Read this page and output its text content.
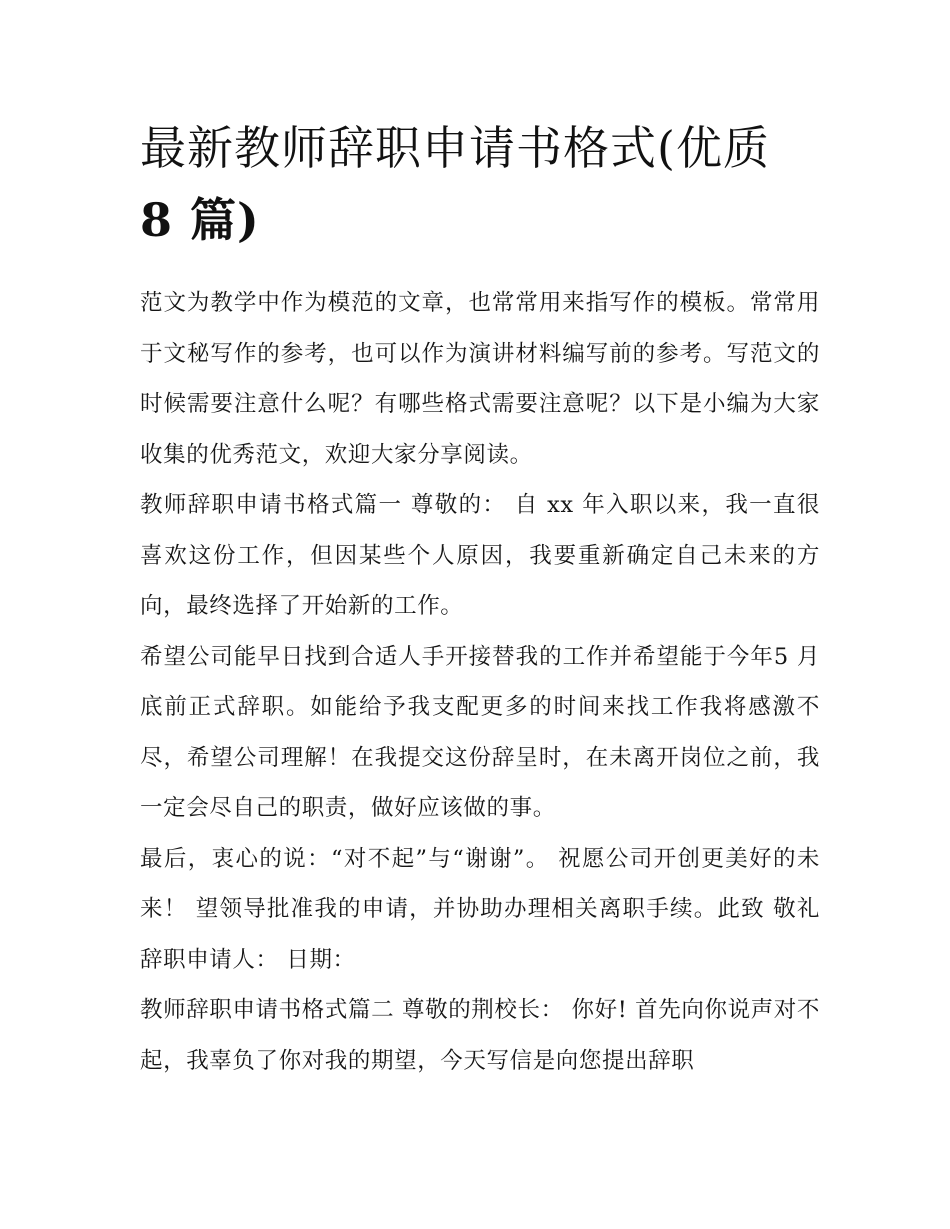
最新教师辞职申请书格式(优质
8 篇)

范文为教学中作为模范的文章，也常常用来指写作的模板。常常用于文秘写作的参考，也可以作为演讲材料编写前的参考。写范文的时候需要注意什么呢？有哪些格式需要注意呢？以下是小编为大家收集的优秀范文，欢迎大家分享阅读。

教师辞职申请书格式篇一 尊敬的： 自 xx 年入职以来，我一直很喜欢这份工作，但因某些个人原因，我要重新确定自己未来的方向，最终选择了开始新的工作。

希望公司能早日找到合适人手开接替我的工作并希望能于今年5 月底前正式辞职。如能给予我支配更多的时间来找工作我将感激不尽，希望公司理解！在我提交这份辞呈时，在未离开岗位之前，我一定会尽自己的职责，做好应该做的事。

最后，衷心的说：“对不起”与“谢谢”。 祝愿公司开创更美好的未来！ 望领导批准我的申请，并协助办理相关离职手续。此致 敬礼 辞职申请人： 日期：

教师辞职申请书格式篇二 尊敬的荆校长： 你好! 首先向你说声对不起，我辜负了你对我的期望，今天写信是向您提出辞职
